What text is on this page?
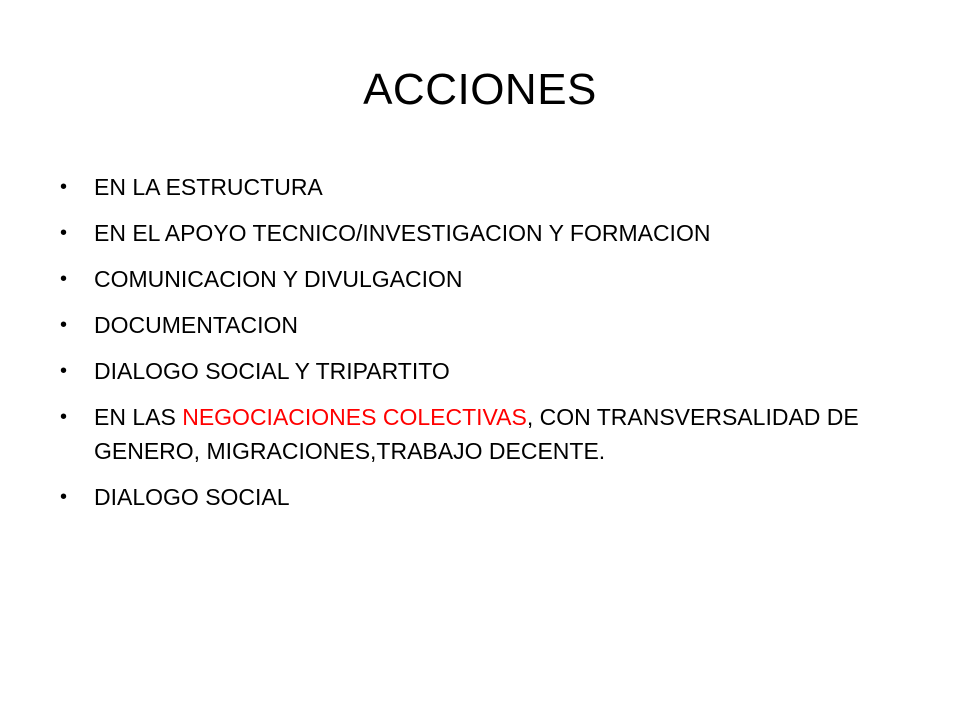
ACCIONES
• EN LA ESTRUCTURA
• EN EL APOYO TECNICO/INVESTIGACION Y FORMACION
• COMUNICACION Y DIVULGACION
• DOCUMENTACION
• DIALOGO SOCIAL Y TRIPARTITO
• EN LAS NEGOCIACIONES COLECTIVAS, CON TRANSVERSALIDAD DE GENERO, MIGRACIONES,TRABAJO DECENTE.
• DIALOGO SOCIAL
